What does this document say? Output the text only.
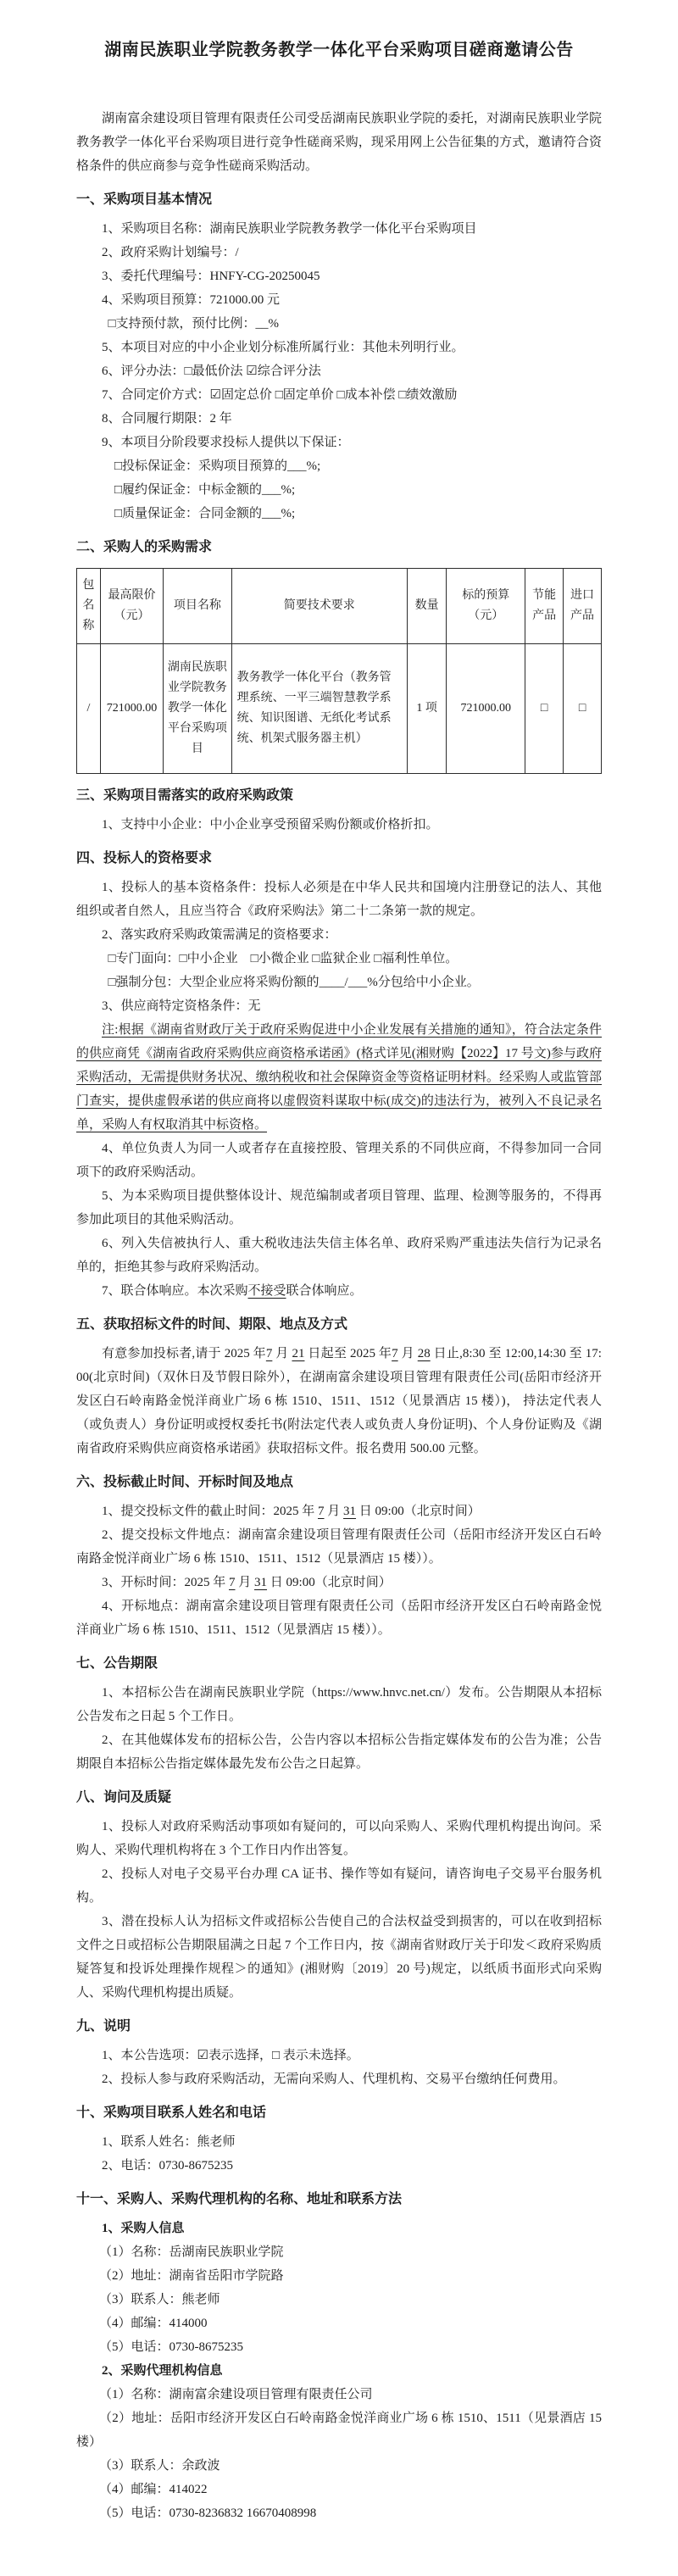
湖南民族职业学院教务教学一体化平台采购项目磋商邀请公告

湖南富余建设项目管理有限责任公司受岳湖南民族职业学院的委托，对湖南民族职业学院教务教学一体化平台采购项目进行竞争性磋商采购，现采用网上公告征集的方式，邀请符合资格条件的供应商参与竞争性磋商采购活动。

一、采购项目基本情况

1、采购项目名称：湖南民族职业学院教务教学一体化平台采购项目

2、政府采购计划编号：/

3、委托代理编号：HNFY-CG-20250045

4、采购项目预算：721000.00 元

□支持预付款，预付比例：__%

5、本项目对应的中小企业划分标准所属行业：其他未列明行业。

6、评分办法：□最低价法 ☑综合评分法

7、合同定价方式：☑固定总价 □固定单价 □成本补偿 □绩效激励

8、合同履行期限：2 年

9、本项目分阶段要求投标人提供以下保证：

□投标保证金：采购项目预算的___%;

□履约保证金：中标金额的___%;

□质量保证金：合同金额的___%;

二、采购人的采购需求
包名称	最高限价（元）	项目名称	简要技术要求	数量	标的预算（元）	节能产品	进口产品
/	721000.00	湖南民族职业学院教务教学一体化平台采购项目	教务教学一体化平台（教务管理系统、一平三端智慧教学系统、知识图谱、无纸化考试系统、机架式服务器主机）	1 项	721000.00	□	□
三、采购项目需落实的政府采购政策

1、支持中小企业：中小企业享受预留采购份额或价格折扣。

四、投标人的资格要求

1、投标人的基本资格条件：投标人必须是在中华人民共和国境内注册登记的法人、其他组织或者自然人，且应当符合《政府采购法》第二十二条第一款的规定。

2、落实政府采购政策需满足的资格要求：

□专门面向：□中小企业　□小微企业 □监狱企业 □福利性单位。

□强制分包：大型企业应将采购份额的____/___%分包给中小企业。

3、供应商特定资格条件：无

注:根据《湖南省财政厅关于政府采购促进中小企业发展有关措施的通知》，符合法定条件的供应商凭《湖南省政府采购供应商资格承诺函》(格式详见(湘财购【2022】17 号文)参与政府采购活动，无需提供财务状况、缴纳税收和社会保障资金等资格证明材料。经采购人或监管部门查实，提供虚假承诺的供应商将以虚假资料谋取中标(成交)的违法行为，被列入不良记录名单，采购人有权取消其中标资格。

4、单位负责人为同一人或者存在直接控股、管理关系的不同供应商，不得参加同一合同项下的政府采购活动。

5、为本采购项目提供整体设计、规范编制或者项目管理、监理、检测等服务的，不得再参加此项目的其他采购活动。

6、列入失信被执行人、重大税收违法失信主体名单、政府采购严重违法失信行为记录名单的，拒绝其参与政府采购活动。

7、联合体响应。本次采购不接受联合体响应。

五、获取招标文件的时间、期限、地点及方式

有意参加投标者,请于 2025 年7 月 21 日起至 2025 年7 月 28 日止,8:30 至 12:00,14:30 至 17:00(北京时间)（双休日及节假日除外），在湖南富余建设项目管理有限责任公司(岳阳市经济开发区白石岭南路金悦洋商业广场 6 栋 1510、1511、1512（见景酒店 15 楼）)， 持法定代表人（或负责人）身份证明或授权委托书(附法定代表人或负责人身份证明)、个人身份证购及《湖南省政府采购供应商资格承诺函》获取招标文件。报名费用 500.00 元整。

六、投标截止时间、开标时间及地点

1、提交投标文件的截止时间：2025 年 7 月 31 日 09:00（北京时间）

2、提交投标文件地点：湖南富余建设项目管理有限责任公司（岳阳市经济开发区白石岭南路金悦洋商业广场 6 栋 1510、1511、1512（见景酒店 15 楼））。

3、开标时间：2025 年 7 月 31 日 09:00（北京时间）

4、开标地点：湖南富余建设项目管理有限责任公司（岳阳市经济开发区白石岭南路金悦洋商业广场 6 栋 1510、1511、1512（见景酒店 15 楼））。

七、公告期限

1、本招标公告在湖南民族职业学院（https://www.hnvc.net.cn/）发布。公告期限从本招标公告发布之日起 5 个工作日。

2、在其他媒体发布的招标公告，公告内容以本招标公告指定媒体发布的公告为准；公告期限自本招标公告指定媒体最先发布公告之日起算。

八、询问及质疑

1、投标人对政府采购活动事项如有疑问的，可以向采购人、采购代理机构提出询问。采购人、采购代理机构将在 3 个工作日内作出答复。

2、投标人对电子交易平台办理 CA 证书、操作等如有疑问，请咨询电子交易平台服务机构。

3、潜在投标人认为招标文件或招标公告使自己的合法权益受到损害的，可以在收到招标文件之日或招标公告期限届满之日起 7 个工作日内，按《湖南省财政厅关于印发＜政府采购质疑答复和投诉处理操作规程＞的通知》(湘财购〔2019〕20 号)规定，以纸质书面形式向采购人、采购代理机构提出质疑。

九、说明

1、本公告选项：☑表示选择，□ 表示未选择。

2、投标人参与政府采购活动，无需向采购人、代理机构、交易平台缴纳任何费用。

十、采购项目联系人姓名和电话

1、联系人姓名：熊老师

2、电话：0730-8675235

十一、采购人、采购代理机构的名称、地址和联系方法

1、采购人信息

（1）名称：岳湖南民族职业学院

（2）地址：湖南省岳阳市学院路

（3）联系人：熊老师

（4）邮编：414000

（5）电话：0730-8675235

2、采购代理机构信息

（1）名称：湖南富余建设项目管理有限责任公司

（2）地址：岳阳市经济开发区白石岭南路金悦洋商业广场 6 栋 1510、1511（见景酒店 15 楼）

（3）联系人：余政波

（4）邮编：414022

（5）电话：0730-8236832 16670408998
